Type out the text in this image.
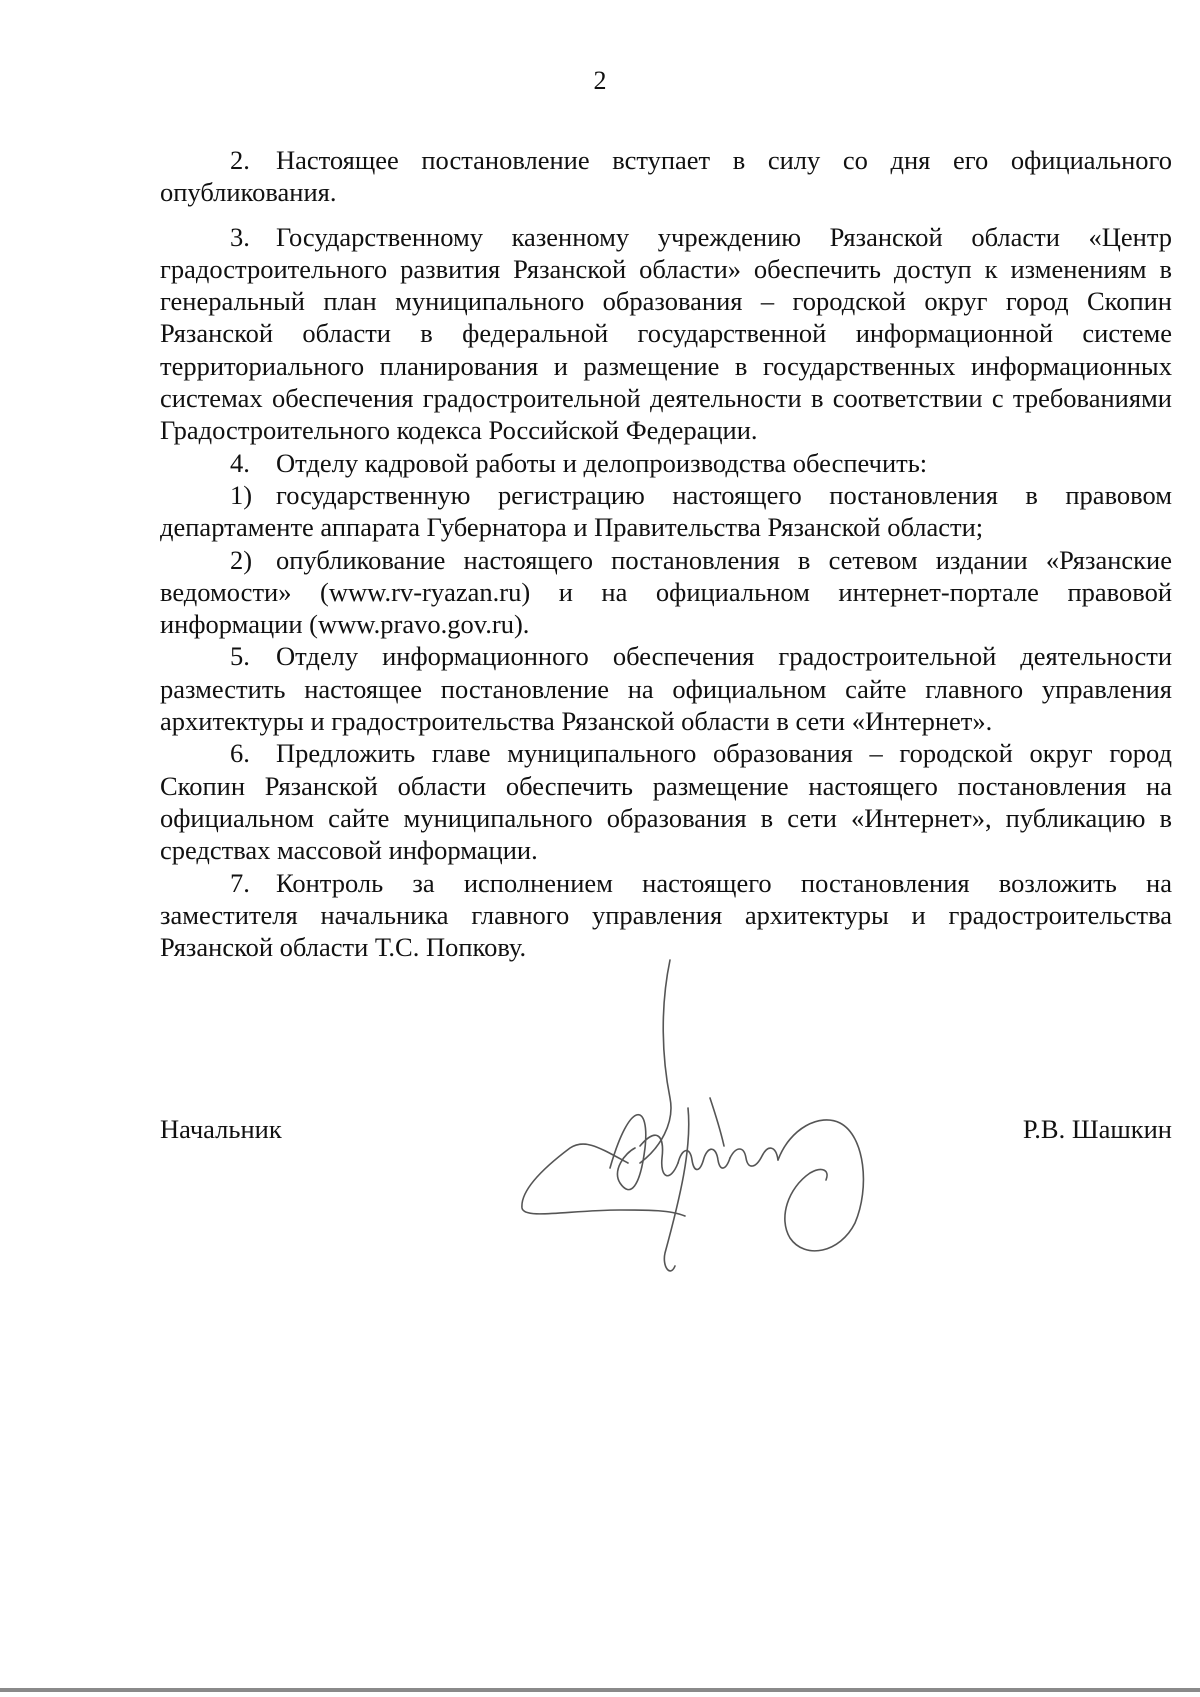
2

2. Настоящее постановление вступает в силу со дня его официального опубликования.

3. Государственному казенному учреждению Рязанской области «Центр градостроительного развития Рязанской области» обеспечить доступ к изменениям в генеральный план муниципального образования – городской округ город Скопин Рязанской области в федеральной государственной информационной системе территориального планирования и размещение в государственных информационных системах обеспечения градостроительной деятельности в соответствии с требованиями Градостроительного кодекса Российской Федерации.

4. Отделу кадровой работы и делопроизводства обеспечить:

1) государственную регистрацию настоящего постановления в правовом департаменте аппарата Губернатора и Правительства Рязанской области;

2) опубликование настоящего постановления в сетевом издании «Рязанские ведомости» (www.rv-ryazan.ru) и на официальном интернет-портале правовой информации (www.pravo.gov.ru).

5. Отделу информационного обеспечения градостроительной деятельности разместить настоящее постановление на официальном сайте главного управления архитектуры и градостроительства Рязанской области в сети «Интернет».

6. Предложить главе муниципального образования – городской округ город Скопин Рязанской области обеспечить размещение настоящего постановления на официальном сайте муниципального образования в сети «Интернет», публикацию в средствах массовой информации.

7. Контроль за исполнением настоящего постановления возложить на заместителя начальника главного управления архитектуры и градостроительства Рязанской области Т.С. Попкову.

Начальник	Р.В. Шашкин
